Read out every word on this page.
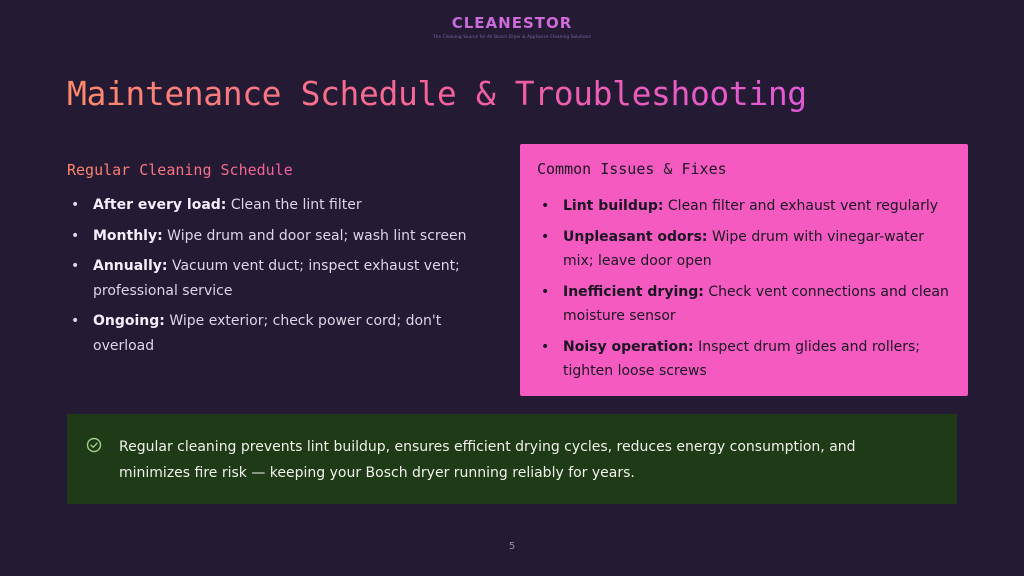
CLEANESTOR
The Cleaning Source for All Bosch Dryer & Appliance Cleaning Solutions
Maintenance Schedule & Troubleshooting
Regular Cleaning Schedule
• After every load: Clean the lint filter
• Monthly: Wipe drum and door seal; wash lint screen
• Annually: Vacuum vent duct; inspect exhaust vent; professional service
• Ongoing: Wipe exterior; check power cord; don't overload
Common Issues & Fixes
• Lint buildup: Clean filter and exhaust vent regularly
• Unpleasant odors: Wipe drum with vinegar-water mix; leave door open
• Inefficient drying: Check vent connections and clean moisture sensor
• Noisy operation: Inspect drum glides and rollers; tighten loose screws
Regular cleaning prevents lint buildup, ensures efficient drying cycles, reduces energy consumption, and minimizes fire risk — keeping your Bosch dryer running reliably for years.
5
